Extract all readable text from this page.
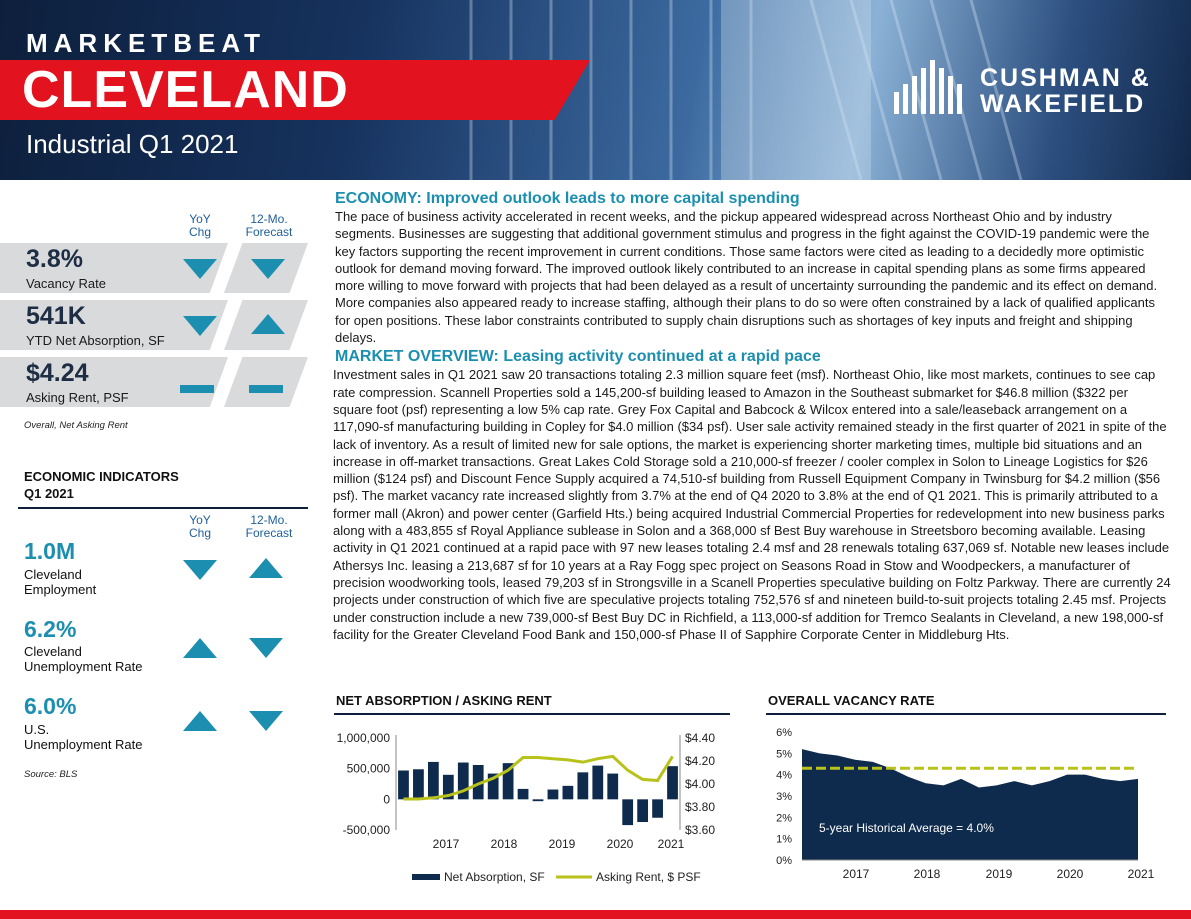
MARKETBEAT
CLEVELAND
Industrial Q1 2021
CUSHMAN &
WAKEFIELD
YoY
Chg
12-Mo.
Forecast
3.8%
Vacancy Rate
541K
YTD Net Absorption, SF
$4.24
Asking Rent, PSF
Overall, Net Asking Rent
ECONOMIC INDICATORS
Q1 2021
YoY
Chg
12-Mo.
Forecast
1.0M
Cleveland
Employment
6.2%
Cleveland
Unemployment Rate
6.0%
U.S.
Unemployment Rate
Source: BLS
ECONOMY: Improved outlook leads to more capital spending
The pace of business activity accelerated in recent weeks, and the pickup appeared widespread across Northeast Ohio and by industry segments. Businesses are suggesting that additional government stimulus and progress in the fight against the COVID-19 pandemic were the key factors supporting the recent improvement in current conditions. Those same factors were cited as leading to a decidedly more optimistic outlook for demand moving forward. The improved outlook likely contributed to an increase in capital spending plans as some firms appeared more willing to move forward with projects that had been delayed as a result of uncertainty surrounding the pandemic and its effect on demand. More companies also appeared ready to increase staffing, although their plans to do so were often constrained by a lack of qualified applicants for open positions. These labor constraints contributed to supply chain disruptions such as shortages of key inputs and freight and shipping delays.
MARKET OVERVIEW: Leasing activity continued at a rapid pace
Investment sales in Q1 2021 saw 20 transactions totaling 2.3 million square feet (msf). Northeast Ohio, like most markets, continues to see cap rate compression. Scannell Properties sold a 145,200-sf building leased to Amazon in the Southeast submarket for $46.8 million ($322 per square foot (psf) representing a low 5% cap rate. Grey Fox Capital and Babcock & Wilcox entered into a sale/leaseback arrangement on a 117,090-sf manufacturing building in Copley for $4.0 million ($34 psf). User sale activity remained steady in the first quarter of 2021 in spite of the lack of inventory. As a result of limited new for sale options, the market is experiencing shorter marketing times, multiple bid situations and an increase in off-market transactions. Great Lakes Cold Storage sold a 210,000-sf freezer / cooler complex in Solon to Lineage Logistics for $26 million ($124 psf) and Discount Fence Supply acquired a 74,510-sf building from Russell Equipment Company in Twinsburg for $4.2 million ($56 psf). The market vacancy rate increased slightly from 3.7% at the end of Q4 2020 to 3.8% at the end of Q1 2021. This is primarily attributed to a former mall (Akron) and power center (Garfield Hts.) being acquired Industrial Commercial Properties for redevelopment into new business parks along with a 483,855 sf Royal Appliance sublease in Solon and a 368,000 sf Best Buy warehouse in Streetsboro becoming available. Leasing activity in Q1 2021 continued at a rapid pace with 97 new leases totaling 2.4 msf and 28 renewals totaling 637,069 sf. Notable new leases include Athersys Inc. leasing a 213,687 sf for 10 years at a Ray Fogg spec project on Seasons Road in Stow and Woodpeckers, a manufacturer of precision woodworking tools, leased 79,203 sf in Strongsville in a Scanell Properties speculative building on Foltz Parkway. There are currently 24 projects under construction of which five are speculative projects totaling 752,576 sf and nineteen build-to-suit projects totaling 2.45 msf. Projects under construction include a new 739,000-sf Best Buy DC in Richfield, a 113,000-sf addition for Tremco Sealants in Cleveland, a new 198,000-sf facility for the Greater Cleveland Food Bank and 150,000-sf Phase II of Sapphire Corporate Center in Middleburg Hts.
NET ABSORPTION / ASKING RENT
1,000,000
500,000
0
-500,000
$4.40
$4.20
$4.00
$3.80
$3.60
2017	2018	2019	2020 2021
Net Absorption, SF	Asking Rent, $ PSF
OVERALL VACANCY RATE
6%
5%
4%
3%
2%
1%
0%
2017	2018	2019	2020	2021
5-year Historical Average = 4.0%
